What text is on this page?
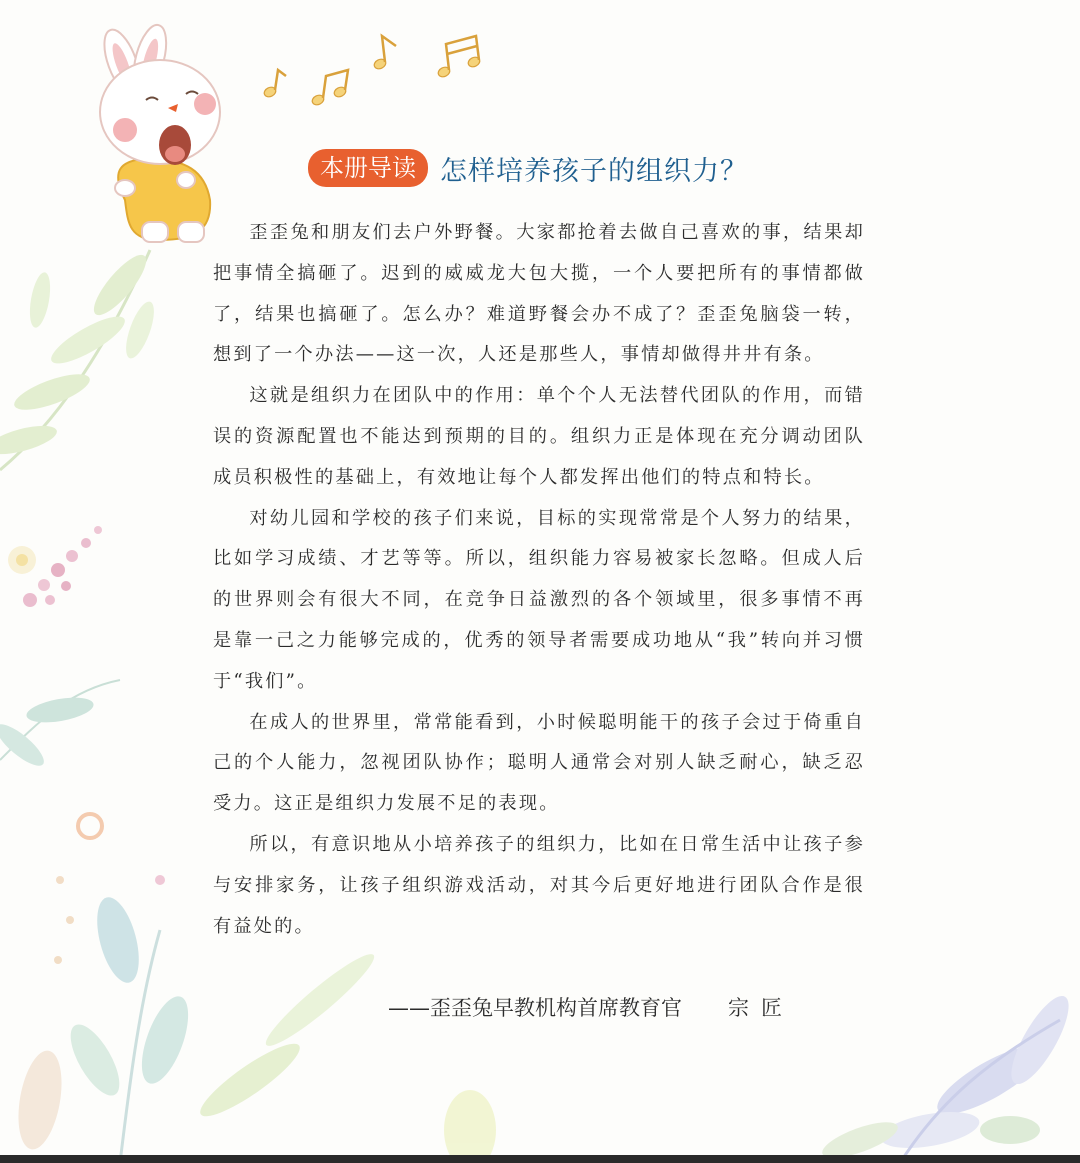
本册导读 怎样培养孩子的组织力？

歪歪兔和朋友们去户外野餐。大家都抢着去做自己喜欢的事，结果却把事情全搞砸了。迟到的威威龙大包大揽，一个人要把所有的事情都做了，结果也搞砸了。怎么办？难道野餐会办不成了？歪歪兔脑袋一转，想到了一个办法——这一次，人还是那些人，事情却做得井井有条。

这就是组织力在团队中的作用：单个个人无法替代团队的作用，而错误的资源配置也不能达到预期的目的。组织力正是体现在充分调动团队成员积极性的基础上，有效地让每个人都发挥出他们的特点和特长。

对幼儿园和学校的孩子们来说，目标的实现常常是个人努力的结果，比如学习成绩、才艺等等。所以，组织能力容易被家长忽略。但成人后的世界则会有很大不同，在竞争日益激烈的各个领域里，很多事情不再是靠一己之力能够完成的，优秀的领导者需要成功地从“我”转向并习惯于“我们”。

在成人的世界里，常常能看到，小时候聪明能干的孩子会过于倚重自己的个人能力，忽视团队协作；聪明人通常会对别人缺乏耐心，缺乏忍受力。这正是组织力发展不足的表现。

所以，有意识地从小培养孩子的组织力，比如在日常生活中让孩子参与安排家务，让孩子组织游戏活动，对其今后更好地进行团队合作是很有益处的。

——歪歪兔早教机构首席教育官 宗匠
